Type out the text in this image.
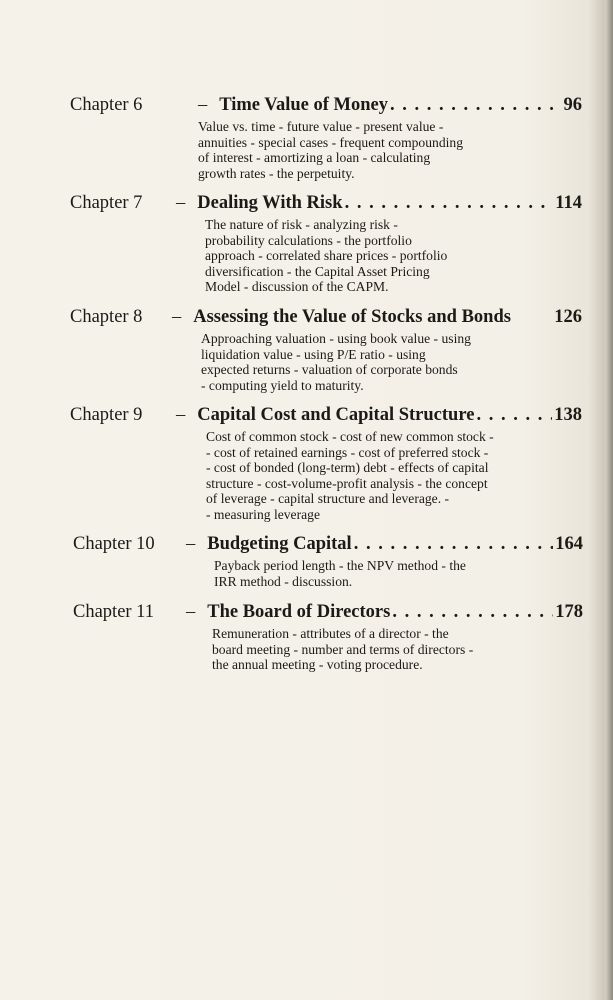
Chapter 6	– Time Value of Money . . .	96
Value vs. time - future value - present value -
annuities - special cases - frequent compounding
of interest - amortizing a loan - calculating
growth rates - the perpetuity.
Chapter 7	– Dealing With Risk . . .	114
The nature of risk - analyzing risk -
probability calculations - the portfolio
approach - correlated share prices - portfolio
diversification - the Capital Asset Pricing
Model - discussion of the CAPM.
Chapter 8	– Assessing the Value of Stocks and Bonds 126
Approaching valuation - using book value - using
liquidation value - using P/E ratio - using
expected returns - valuation of corporate bonds
- computing yield to maturity.
Chapter 9	– Capital Cost and Capital Structure . . .	138
Cost of common stock - cost of new common stock -
- cost of retained earnings - cost of preferred stock -
- cost of bonded (long-term) debt - effects of capital
structure - cost-volume-profit analysis - the concept
of leverage - capital structure and leverage. -
- measuring leverage
Chapter 10	– Budgeting Capital . . .	164
Payback period length - the NPV method - the
IRR method - discussion.
Chapter 11	– The Board of Directors . . .	178
Remuneration - attributes of a director - the
board meeting - number and terms of directors -
the annual meeting - voting procedure.
